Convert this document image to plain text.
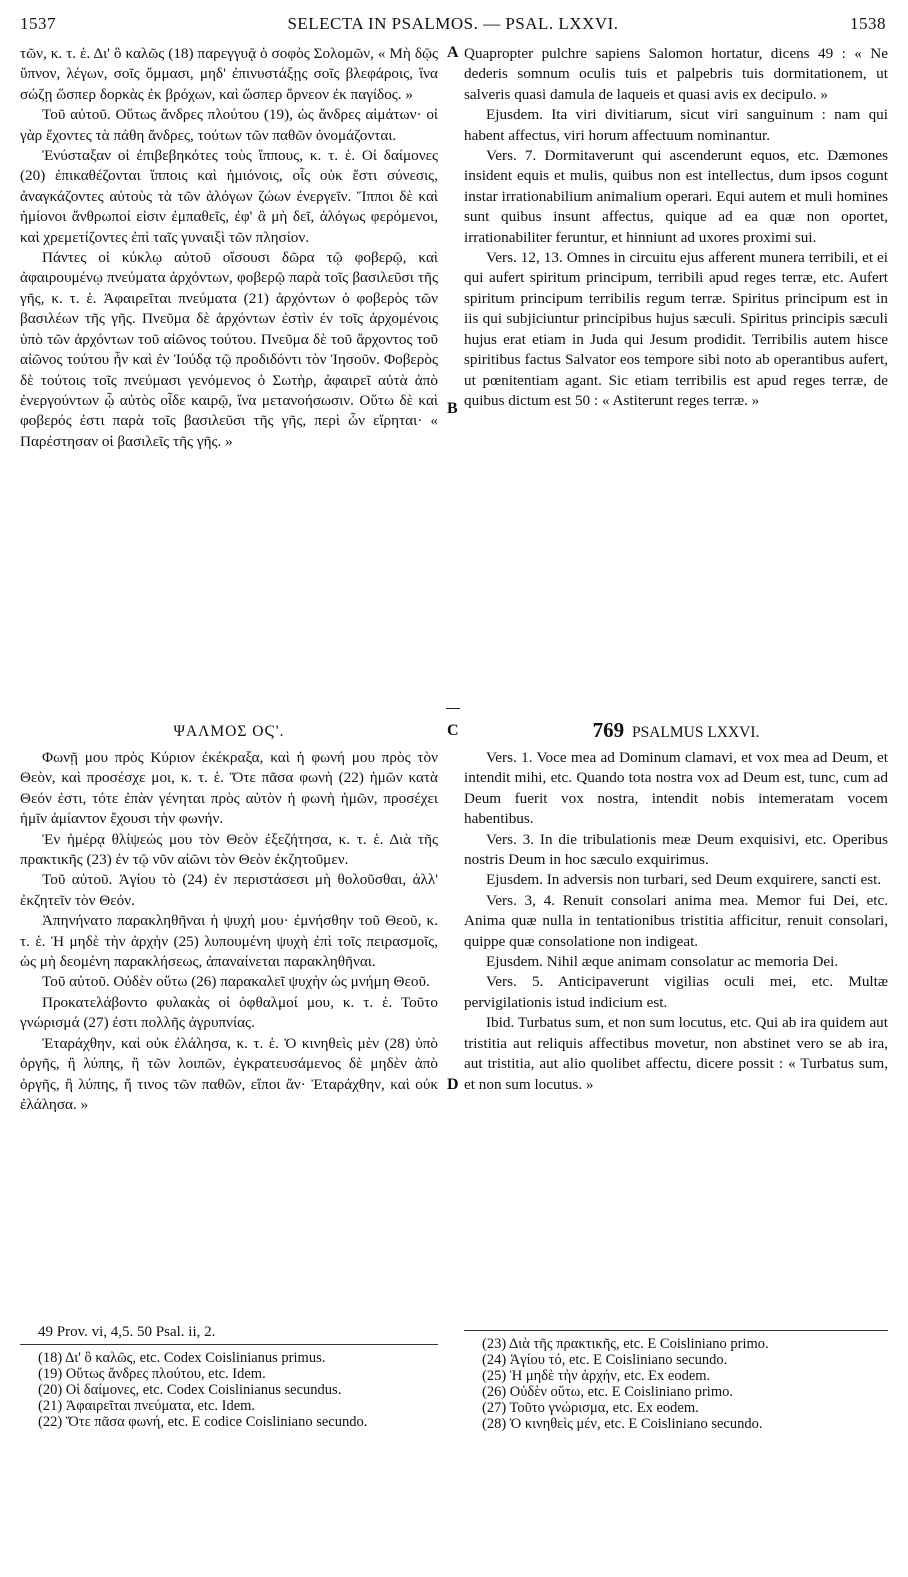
1537	SELECTA IN PSALMOS. — PSAL. LXXVI.	1538

τῶν, κ. τ. ἑ. Δι' ὃ καλῶς (18) παρεγγυᾷ ὁ σοφὸς Σολομῶν, « Μὴ δῷς ὕπνον, λέγων, σοῖς ὄμμασι, μηδ' ἐπινυστάξῃς σοῖς βλεφάροις, ἵνα σώζῃ ὥσπερ δορκὰς ἐκ βρόχων, καὶ ὥσπερ ὄρνεον ἐκ παγίδος. »

Τοῦ αὐτοῦ. Οὕτως ἄνδρες πλούτου (19), ὡς ἄνδρες αἱμάτων· οἱ γὰρ ἔχοντες τὰ πάθη ἄνδρες, τούτων τῶν παθῶν ὀνομάζονται.

Ἐνύσταξαν οἱ ἐπιβεβηκότες τοὺς ἵππους, κ. τ. ἑ. Οἱ δαίμονες (20) ἐπικαθέζονται ἵπποις καὶ ἡμιόνοις, οἷς οὐκ ἔστι σύνεσις, ἀναγκάζοντες αὐτοὺς τὰ τῶν ἀλόγων ζώων ἐνεργεῖν. Ἵπποι δὲ καὶ ἡμίονοι ἄνθρωποί εἰσιν ἐμπαθεῖς, ἐφ' ἃ μὴ δεῖ, ἀλόγως φερόμενοι, καὶ χρεμετίζοντες ἐπὶ ταῖς γυναιξὶ τῶν πλησίον.

Πάντες οἱ κύκλῳ αὐτοῦ οἴσουσι δῶρα τῷ φοβερῷ, καὶ ἀφαιρουμένῳ πνεύματα ἀρχόντων, φοβερῷ παρὰ τοῖς βασιλεῦσι τῆς γῆς, κ. τ. ἑ. Ἀφαιρεῖται πνεύματα (21) ἀρχόντων ὁ φοβερὸς τῶν βασιλέων τῆς γῆς. Πνεῦμα δὲ ἀρχόντων ἐστὶν ἐν τοῖς ἀρχομένοις ὑπὸ τῶν ἀρχόντων τοῦ αἰῶνος τούτου. Πνεῦμα δὲ τοῦ ἄρχοντος τοῦ αἰῶνος τούτου ἦν καὶ ἐν Ἰούδᾳ τῷ προδιδόντι τὸν Ἰησοῦν. Φοβερὸς δὲ τούτοις τοῖς πνεύμασι γενόμενος ὁ Σωτὴρ, ἀφαιρεῖ αὐτὰ ἀπὸ ἐνεργούντων ᾧ αὐτὸς οἶδε καιρῷ, ἵνα μετανοήσωσιν. Οὕτω δὲ καὶ φοβερός ἐστι παρὰ τοῖς βασιλεῦσι τῆς γῆς, περὶ ὧν εἴρηται· « Παρέστησαν οἱ βασιλεῖς τῆς γῆς. »

Quapropter pulchre sapiens Salomon hortatur, dicens 49 : « Ne dederis somnum oculis tuis et palpebris tuis dormitationem, ut salveris quasi damula de laqueis et quasi avis ex decipulo. »

Ejusdem. Ita viri divitiarum, sicut viri sanguinum : nam qui habent affectus, viri horum affectuum nominantur.

Vers. 7. Dormitaverunt qui ascenderunt equos, etc. Dæmones insident equis et mulis, quibus non est intellectus, dum ipsos cogunt instar irrationabilium animalium operari. Equi autem et muli homines sunt quibus insunt affectus, quique ad ea quæ non oportet, irrationabiliter feruntur, et hinniunt ad uxores proximi sui.

Vers. 12, 13. Omnes in circuitu ejus afferent munera terribili, et ei qui aufert spiritum principum, terribili apud reges terræ, etc. Aufert spiritum principum terribilis regum terræ. Spiritus principum est in iis qui subjiciuntur principibus hujus sæculi. Spiritus principis sæculi hujus erat etiam in Juda qui Jesum prodidit. Terribilis autem hisce spiritibus factus Salvator eos tempore sibi noto ab operantibus aufert, ut pœnitentiam agant. Sic etiam terribilis est apud reges terræ, de quibus dictum est 50 : « Astiterunt reges terræ. »

A
B
C
D
ΨΑΛΜΟΣ ΟϚ'.	769 PSALMUS LXXVI.

Φωνῇ μου πρὸς Κύριον ἐκέκραξα, καὶ ἡ φωνή μου πρὸς τὸν Θεὸν, καὶ προσέσχε μοι, κ. τ. ἑ. Ὅτε πᾶσα φωνὴ (22) ἡμῶν κατὰ Θεόν ἐστι, τότε ἐπὰν γένηται πρὸς αὐτὸν ἡ φωνὴ ἡμῶν, προσέχει ἡμῖν ἀμίαντον ἔχουσι τὴν φωνήν.

Ἐν ἡμέρᾳ θλίψεώς μου τὸν Θεὸν ἐξεζήτησα, κ. τ. ἑ. Διὰ τῆς πρακτικῆς (23) ἐν τῷ νῦν αἰῶνι τὸν Θεὸν ἐκζητοῦμεν.

Τοῦ αὐτοῦ. Ἁγίου τὸ (24) ἐν περιστάσεσι μὴ θολοῦσθαι, ἀλλ' ἐκζητεῖν τὸν Θεόν.

Ἀπηνήνατο παρακληθῆναι ἡ ψυχή μου· ἐμνήσθην τοῦ Θεοῦ, κ. τ. ἑ. Ἡ μηδὲ τὴν ἀρχὴν (25) λυπουμένη ψυχὴ ἐπὶ τοῖς πειρασμοῖς, ὡς μὴ δεομένη παρακλήσεως, ἀπαναίνεται παρακληθῆναι.

Τοῦ αὐτοῦ. Οὐδὲν οὕτω (26) παρακαλεῖ ψυχὴν ὡς μνήμη Θεοῦ.

Προκατελάβοντο φυλακὰς οἱ ὀφθαλμοί μου, κ. τ. ἑ. Τοῦτο γνώρισμά (27) ἐστι πολλῆς ἀγρυπνίας.

Ἐταράχθην, καὶ οὐκ ἐλάλησα, κ. τ. ἑ. Ὁ κινηθεὶς μὲν (28) ὑπὸ ὀργῆς, ἢ λύπης, ἢ τῶν λοιπῶν, ἐγκρατευσάμενος δὲ μηδὲν ἀπὸ ὀργῆς, ἢ λύπης, ἤ τινος τῶν παθῶν, εἴποι ἄν· Ἐταράχθην, καὶ οὐκ ἐλάλησα. »

Vers. 1. Voce mea ad Dominum clamavi, et vox mea ad Deum, et intendit mihi, etc. Quando tota nostra vox ad Deum est, tunc, cum ad Deum fuerit vox nostra, intendit nobis intemeratam vocem habentibus.

Vers. 3. In die tribulationis meæ Deum exquisivi, etc. Operibus nostris Deum in hoc sæculo exquirimus.

Ejusdem. In adversis non turbari, sed Deum exquirere, sancti est.

Vers. 3, 4. Renuit consolari anima mea. Memor fui Dei, etc. Anima quæ nulla in tentationibus tristitia afficitur, renuit consolari, quippe quæ consolatione non indigeat.

Ejusdem. Nihil æque animam consolatur ac memoria Dei.

Vers. 5. Anticipaverunt vigilias oculi mei, etc. Multæ pervigilationis istud indicium est.

Ibid. Turbatus sum, et non sum locutus, etc. Qui ab ira quidem aut tristitia aut reliquis affectibus movetur, non abstinet vero se ab ira, aut tristitia, aut alio quolibet affectu, dicere possit : « Turbatus sum, et non sum locutus. »

49 Prov. vi, 4,5. 50 Psal. ii, 2.
(18) Δι' ὃ καλῶς, etc. Codex Coislinianus primus.
(19) Οὕτως ἄνδρες πλούτου, etc. Idem.
(20) Οἱ δαίμονες, etc. Codex Coislinianus secundus.
(21) Ἀφαιρεῖται πνεύματα, etc. Idem.
(22) Ὅτε πᾶσα φωνή, etc. E codice Coisliniano secundo.
(23) Διὰ τῆς πρακτικῆς, etc. E Coisliniano primo.
(24) Ἁγίου τό, etc. E Coisliniano secundo.
(25) Ἡ μηδὲ τὴν ἀρχήν, etc. Ex eodem.
(26) Οὐδὲν οὕτω, etc. E Coisliniano primo.
(27) Τοῦτο γνώρισμα, etc. Ex eodem.
(28) Ὁ κινηθεὶς μέν, etc. E Coisliniano secundo.
